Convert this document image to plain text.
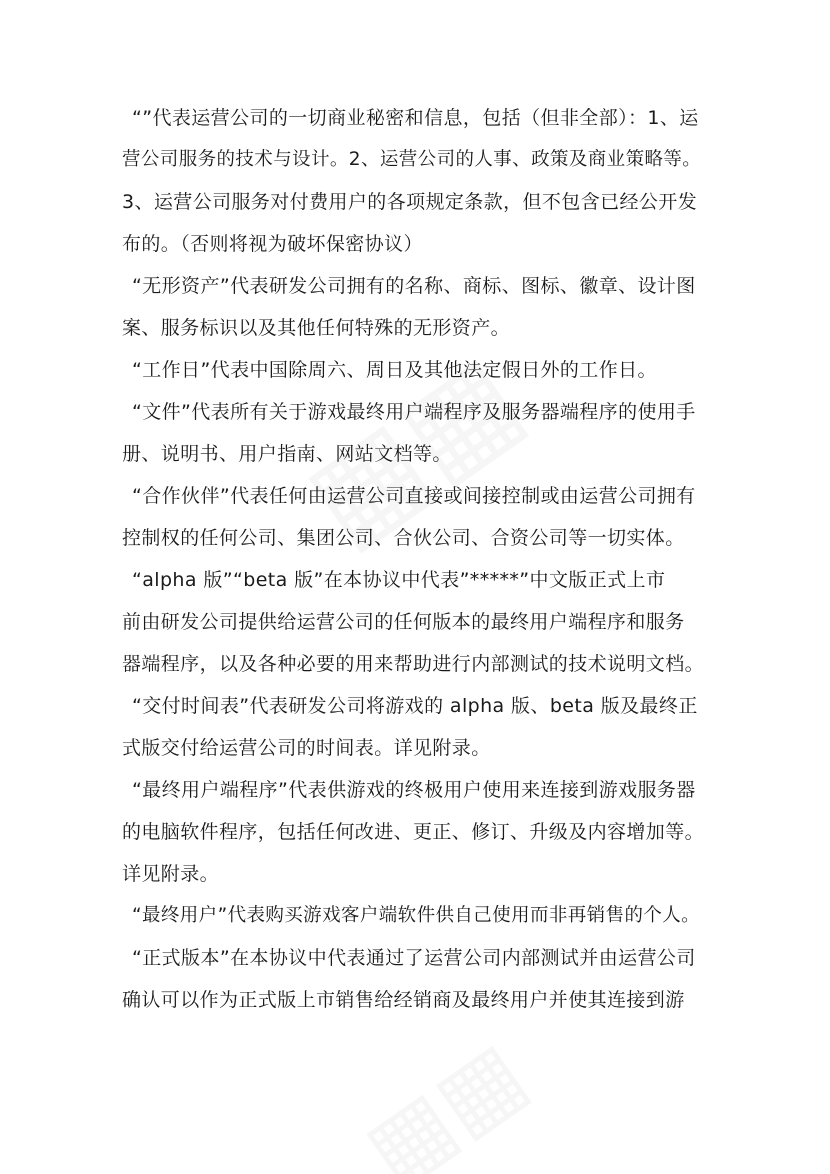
“”代表运营公司的一切商业秘密和信息，包括（但非全部）：1、运
营公司服务的技术与设计。2、运营公司的人事、政策及商业策略等。
3、运营公司服务对付费用户的各项规定条款，但不包含已经公开发
布的。（否则将视为破坏保密协议）
“无形资产”代表研发公司拥有的名称、商标、图标、徽章、设计图
案、服务标识以及其他任何特殊的无形资产。
“工作日”代表中国除周六、周日及其他法定假日外的工作日。
“文件”代表所有关于游戏最终用户端程序及服务器端程序的使用手
册、说明书、用户指南、网站文档等。
“合作伙伴”代表任何由运营公司直接或间接控制或由运营公司拥有
控制权的任何公司、集团公司、合伙公司、合资公司等一切实体。
“alpha 版”“beta 版”在本协议中代表”*****”中文版正式上市
前由研发公司提供给运营公司的任何版本的最终用户端程序和服务
器端程序，以及各种必要的用来帮助进行内部测试的技术说明文档。
“交付时间表”代表研发公司将游戏的 alpha 版、beta 版及最终正
式版交付给运营公司的时间表。详见附录。
“最终用户端程序”代表供游戏的终极用户使用来连接到游戏服务器
的电脑软件程序，包括任何改进、更正、修订、升级及内容增加等。
详见附录。
“最终用户”代表购买游戏客户端软件供自己使用而非再销售的个人。
“正式版本”在本协议中代表通过了运营公司内部测试并由运营公司
确认可以作为正式版上市销售给经销商及最终用户并使其连接到游
